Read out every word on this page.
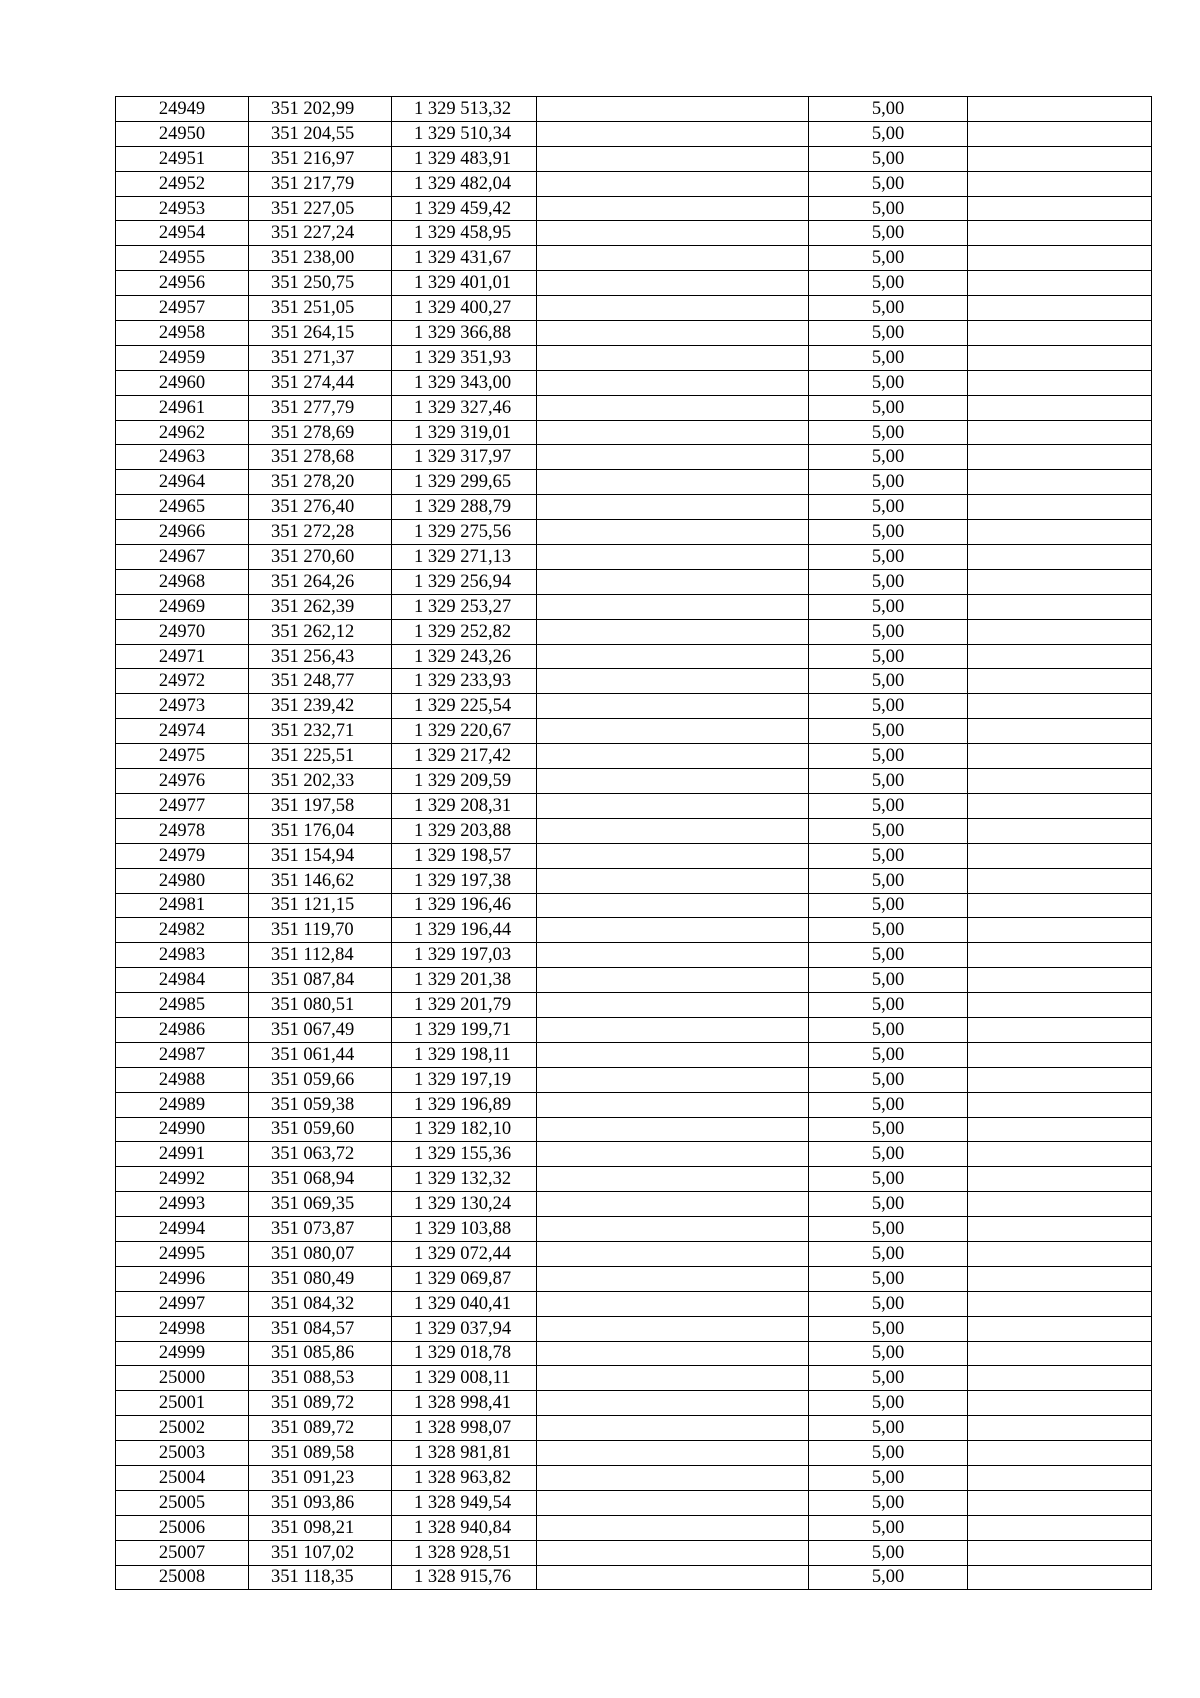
24949	351 202,99	1 329 513,32		5,00	
24950	351 204,55	1 329 510,34		5,00	
24951	351 216,97	1 329 483,91		5,00	
24952	351 217,79	1 329 482,04		5,00	
24953	351 227,05	1 329 459,42		5,00	
24954	351 227,24	1 329 458,95		5,00	
24955	351 238,00	1 329 431,67		5,00	
24956	351 250,75	1 329 401,01		5,00	
24957	351 251,05	1 329 400,27		5,00	
24958	351 264,15	1 329 366,88		5,00	
24959	351 271,37	1 329 351,93		5,00	
24960	351 274,44	1 329 343,00		5,00	
24961	351 277,79	1 329 327,46		5,00	
24962	351 278,69	1 329 319,01		5,00	
24963	351 278,68	1 329 317,97		5,00	
24964	351 278,20	1 329 299,65		5,00	
24965	351 276,40	1 329 288,79		5,00	
24966	351 272,28	1 329 275,56		5,00	
24967	351 270,60	1 329 271,13		5,00	
24968	351 264,26	1 329 256,94		5,00	
24969	351 262,39	1 329 253,27		5,00	
24970	351 262,12	1 329 252,82		5,00	
24971	351 256,43	1 329 243,26		5,00	
24972	351 248,77	1 329 233,93		5,00	
24973	351 239,42	1 329 225,54		5,00	
24974	351 232,71	1 329 220,67		5,00	
24975	351 225,51	1 329 217,42		5,00	
24976	351 202,33	1 329 209,59		5,00	
24977	351 197,58	1 329 208,31		5,00	
24978	351 176,04	1 329 203,88		5,00	
24979	351 154,94	1 329 198,57		5,00	
24980	351 146,62	1 329 197,38		5,00	
24981	351 121,15	1 329 196,46		5,00	
24982	351 119,70	1 329 196,44		5,00	
24983	351 112,84	1 329 197,03		5,00	
24984	351 087,84	1 329 201,38		5,00	
24985	351 080,51	1 329 201,79		5,00	
24986	351 067,49	1 329 199,71		5,00	
24987	351 061,44	1 329 198,11		5,00	
24988	351 059,66	1 329 197,19		5,00	
24989	351 059,38	1 329 196,89		5,00	
24990	351 059,60	1 329 182,10		5,00	
24991	351 063,72	1 329 155,36		5,00	
24992	351 068,94	1 329 132,32		5,00	
24993	351 069,35	1 329 130,24		5,00	
24994	351 073,87	1 329 103,88		5,00	
24995	351 080,07	1 329 072,44		5,00	
24996	351 080,49	1 329 069,87		5,00	
24997	351 084,32	1 329 040,41		5,00	
24998	351 084,57	1 329 037,94		5,00	
24999	351 085,86	1 329 018,78		5,00	
25000	351 088,53	1 329 008,11		5,00	
25001	351 089,72	1 328 998,41		5,00	
25002	351 089,72	1 328 998,07		5,00	
25003	351 089,58	1 328 981,81		5,00	
25004	351 091,23	1 328 963,82		5,00	
25005	351 093,86	1 328 949,54		5,00	
25006	351 098,21	1 328 940,84		5,00	
25007	351 107,02	1 328 928,51		5,00	
25008	351 118,35	1 328 915,76		5,00	
